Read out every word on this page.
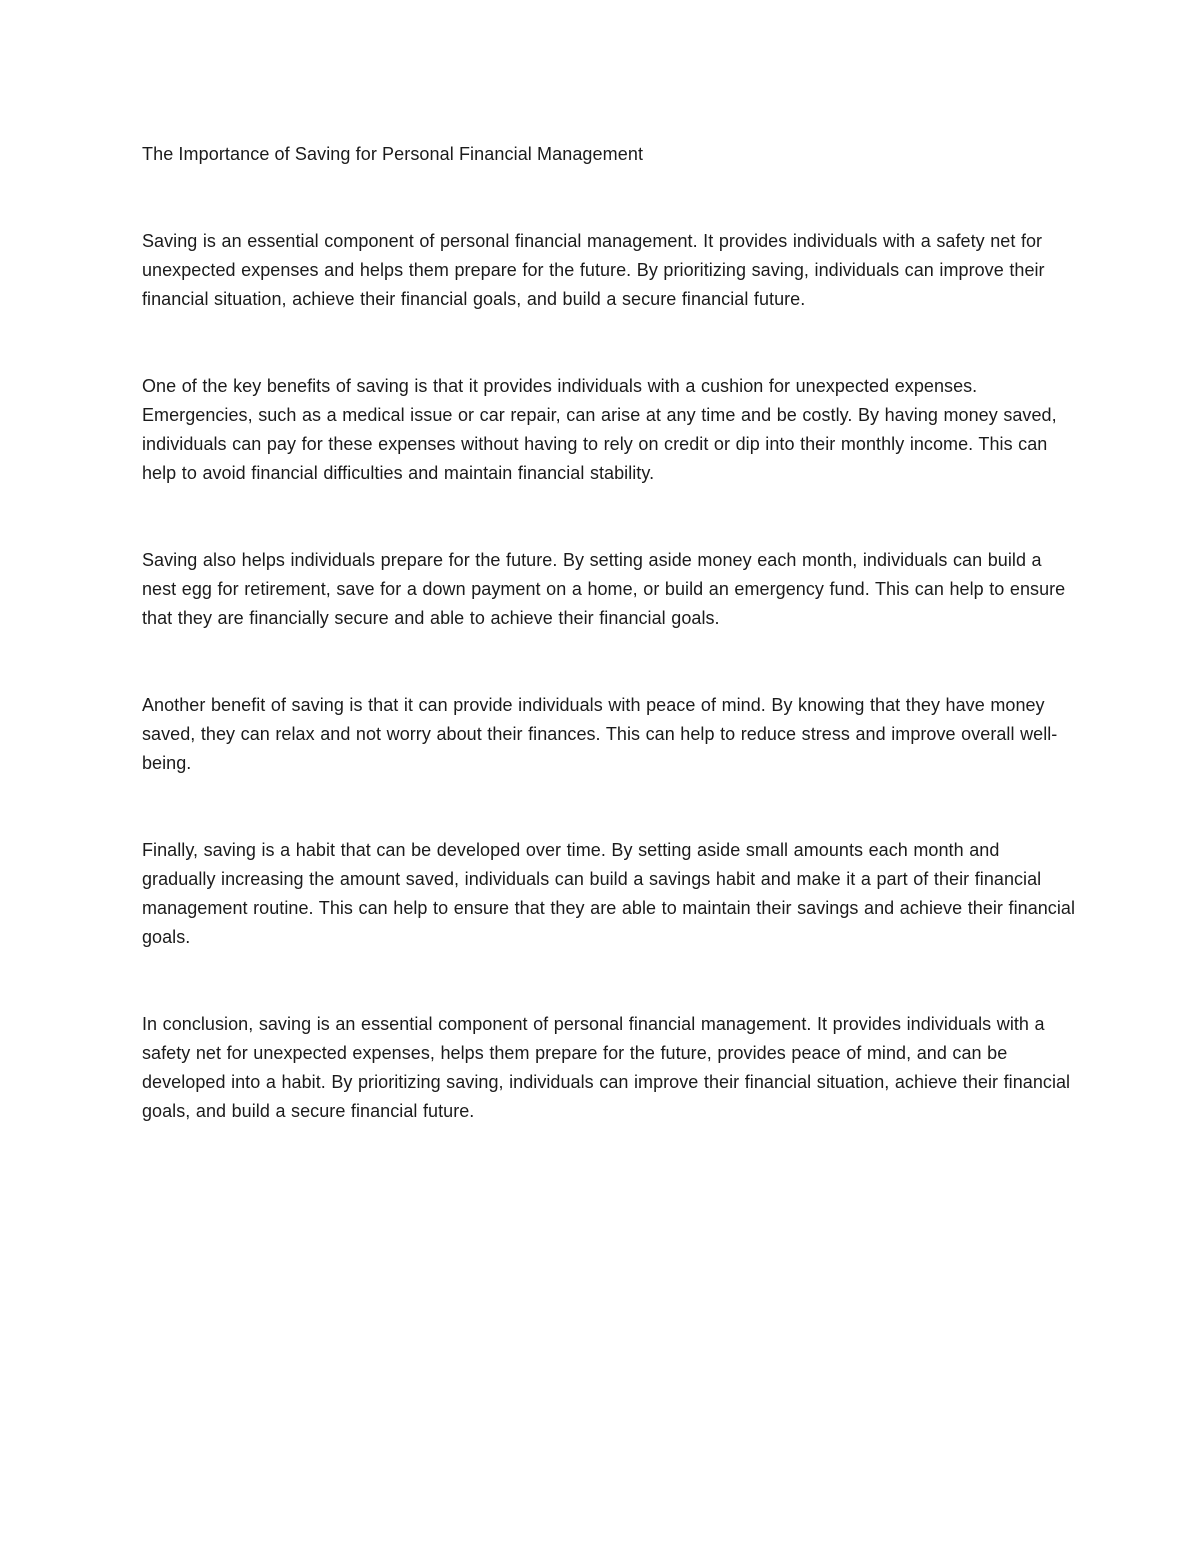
The Importance of Saving for Personal Financial Management

Saving is an essential component of personal financial management. It provides individuals with a safety net for unexpected expenses and helps them prepare for the future. By prioritizing saving, individuals can improve their financial situation, achieve their financial goals, and build a secure financial future.

One of the key benefits of saving is that it provides individuals with a cushion for unexpected expenses. Emergencies, such as a medical issue or car repair, can arise at any time and be costly. By having money saved, individuals can pay for these expenses without having to rely on credit or dip into their monthly income. This can help to avoid financial difficulties and maintain financial stability.

Saving also helps individuals prepare for the future. By setting aside money each month, individuals can build a nest egg for retirement, save for a down payment on a home, or build an emergency fund. This can help to ensure that they are financially secure and able to achieve their financial goals.

Another benefit of saving is that it can provide individuals with peace of mind. By knowing that they have money saved, they can relax and not worry about their finances. This can help to reduce stress and improve overall well-being.

Finally, saving is a habit that can be developed over time. By setting aside small amounts each month and gradually increasing the amount saved, individuals can build a savings habit and make it a part of their financial management routine. This can help to ensure that they are able to maintain their savings and achieve their financial goals.

In conclusion, saving is an essential component of personal financial management. It provides individuals with a safety net for unexpected expenses, helps them prepare for the future, provides peace of mind, and can be developed into a habit. By prioritizing saving, individuals can improve their financial situation, achieve their financial goals, and build a secure financial future.
